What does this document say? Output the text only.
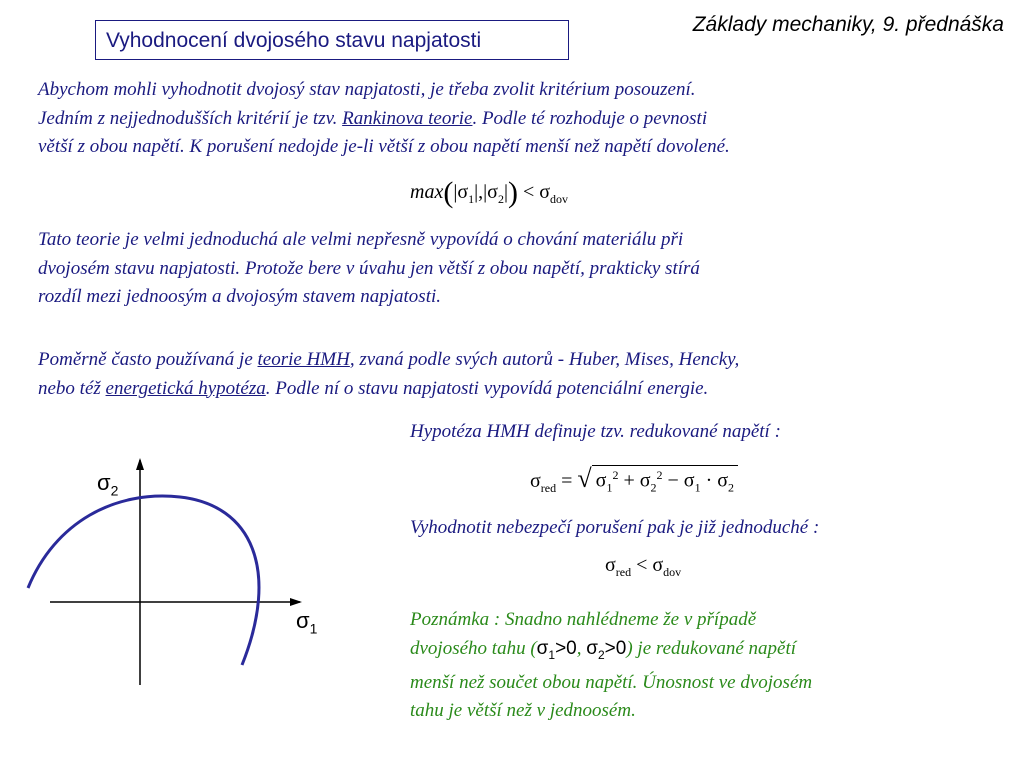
Základy mechaniky, 9. přednáška
Vyhodnocení dvojosého stavu napjatosti
Abychom mohli vyhodnotit dvojosý stav napjatosti, je třeba zvolit kritérium posouzení.
Jedním z nejjednodušších kritérií je tzv. Rankinova teorie. Podle té rozhoduje o pevnosti
větší z obou napětí. K porušení nedojde je-li větší z obou napětí menší než napětí dovolené.
$\max(|\sigma_1|,|\sigma_2|) < \sigma_{dov}$
Tato teorie je velmi jednoduchá ale velmi nepřesně vypovídá o chování materiálu při
dvojosém stavu napjatosti. Protože bere v úvahu jen větší z obou napětí, prakticky stírá
rozdíl mezi jednoosým a dvojosým stavem napjatosti.
Poměrně často používaná je teorie HMH, zvaná podle svých autorů - Huber, Mises, Hencky,
nebo též energetická hypotéza. Podle ní o stavu napjatosti vypovídá potenciální energie.
Hypotéza HMH definuje tzv. redukované napětí :
$\sigma_{red}$ = √ $\sigma_1^2 + \sigma_2^2 - \sigma_1 \cdot \sigma_2$
Vyhodnotit nebezpečí porušení pak je již jednoduché :
$\sigma_{red} < \sigma_{dov}$
Poznámka : Snadno nahlédneme že v případě
dvojosého tahu ($\sigma_1>0$, $\sigma_2>0$) je redukované napětí
menší než součet obou napětí. Únosnost ve dvojosém
tahu je větší než v jednoosém.
$\sigma_2$
$\sigma_1$
